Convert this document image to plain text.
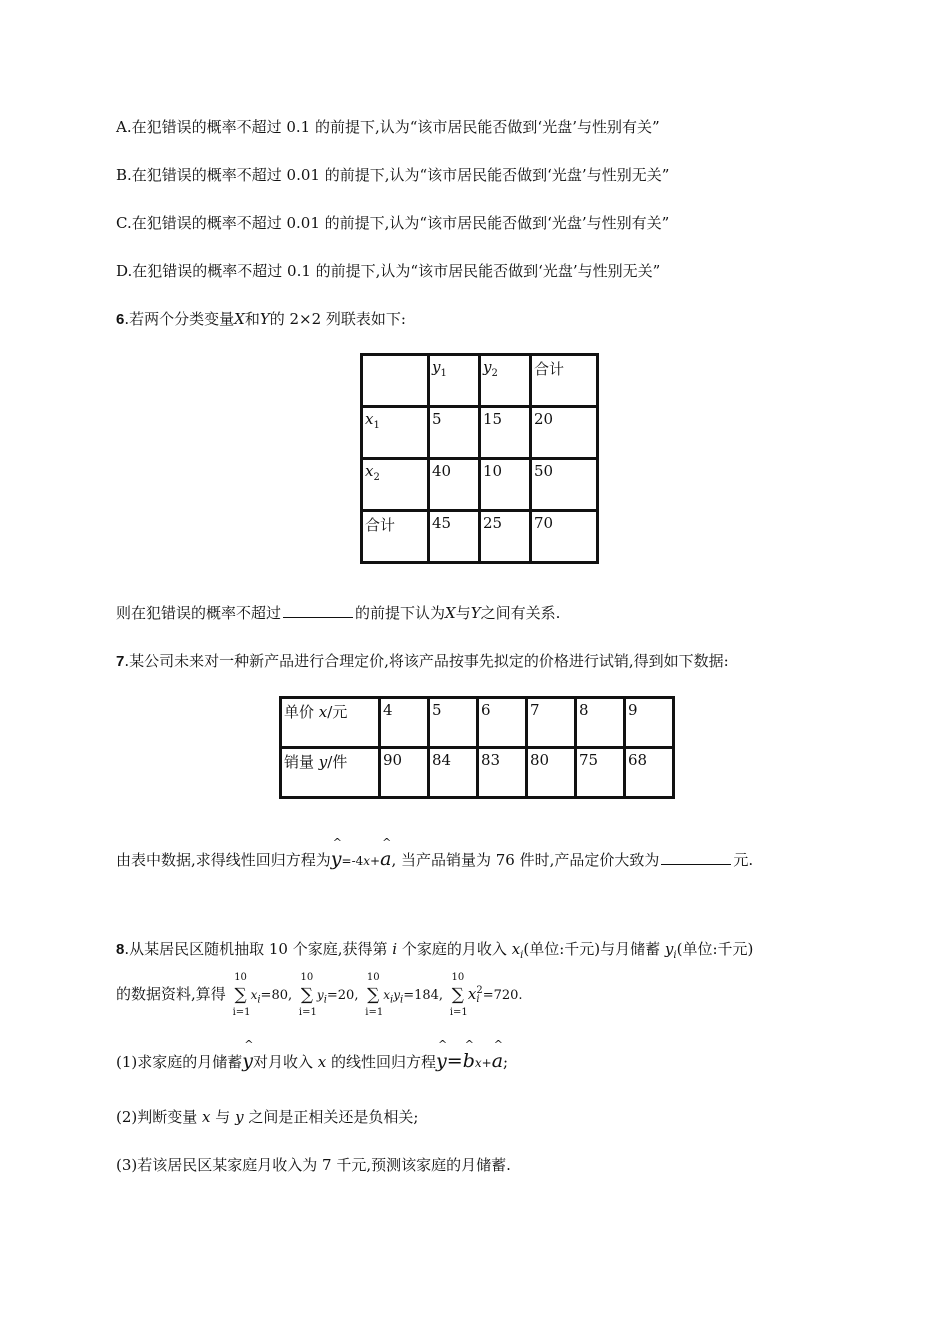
A.在犯错误的概率不超过 0.1 的前提下,认为“该市居民能否做到‘光盘’与性别有关”
B.在犯错误的概率不超过 0.01 的前提下,认为“该市居民能否做到‘光盘’与性别无关”
C.在犯错误的概率不超过 0.01 的前提下,认为“该市居民能否做到‘光盘’与性别有关”
D.在犯错误的概率不超过 0.1 的前提下,认为“该市居民能否做到‘光盘’与性别无关”
6.若两个分类变量X和Y的 2×2 列联表如下:
	$y_1$	$y_2$	合计
$x_1$	5	15	20
$x_2$	40	10	50
合计	45	25	70
则在犯错误的概率不超过	的前提下认为X与Y之间有关系.
7.某公司未来对一种新产品进行合理定价,将该产品按事先拟定的价格进行试销,得到如下数据:
单价 x/元	4	5	6	7	8	9
销量 y/件	90	84	83	80	75	68
由表中数据,求得线性回归方程为^ y=-4x+^ a, 当产品销量为 76 件时,产品定价大致为	元.
8.从某居民区随机抽取 10 个家庭,获得第 i 个家庭的月收入 $x_i$(单位:千元)与月储蓄 $y_i$(单位:千元)
的数据资料,算得
10
∑
i=1
$x_i=80$,
10
∑
i=1
$y_i=20$,
10
∑
i=1
$x_iy_i=184$,
10
∑
i=1
x 2
i =720.
(1)求家庭的月储蓄^ y对月收入 x 的线性回归方程^ y=^ bx+^ a;
(2)判断变量 x 与 y 之间是正相关还是负相关;
(3)若该居民区某家庭月收入为 7 千元,预测该家庭的月储蓄.
